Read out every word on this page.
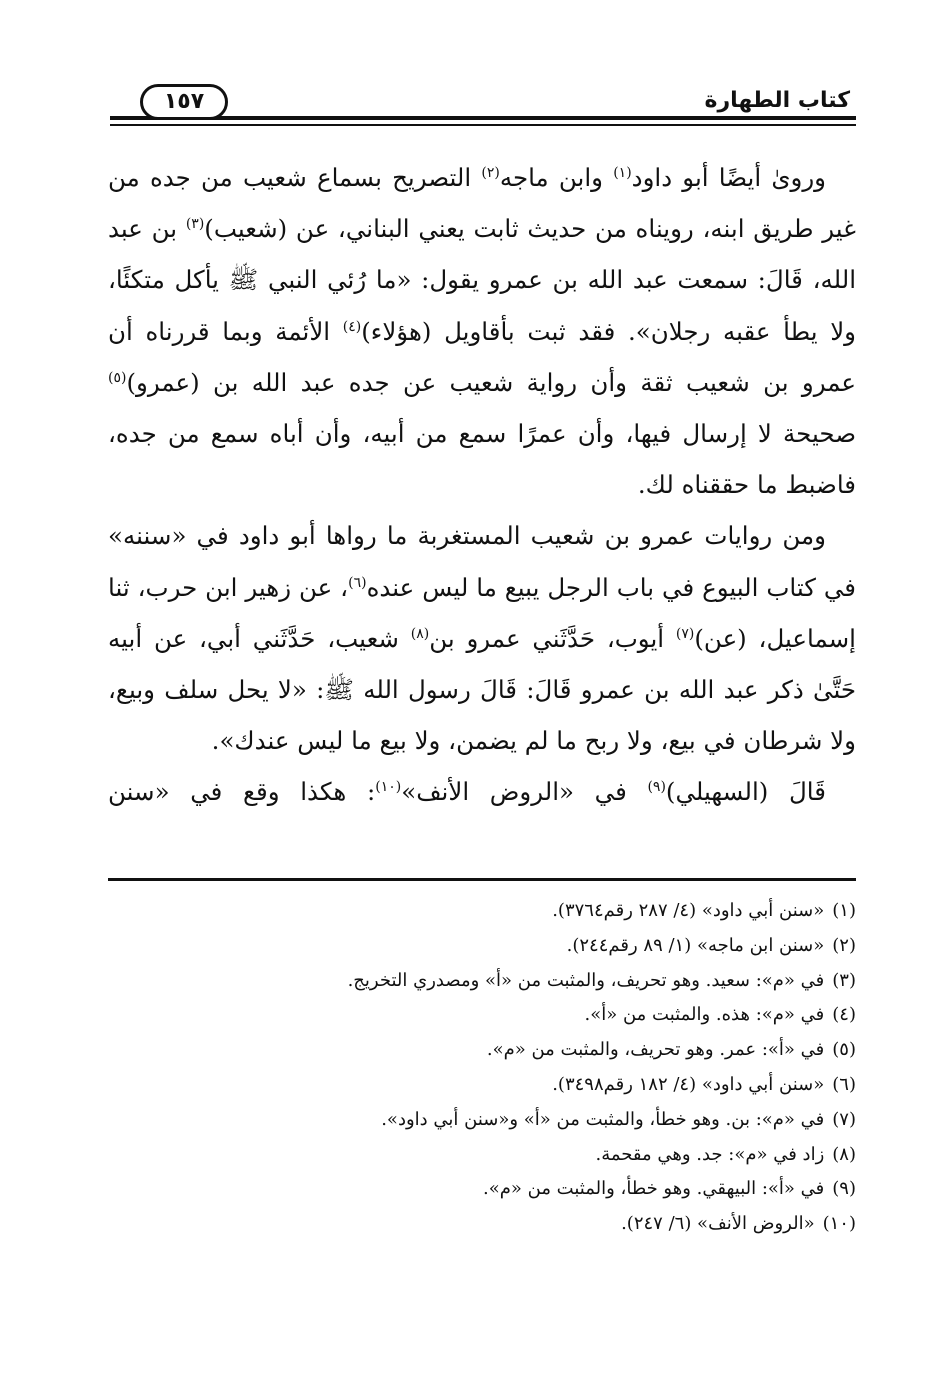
كتاب الطهارة
١٥٧

وروىٰ أيضًا أبو داود$^{(١)}$ وابن ماجه$^{(٢)}$ التصريح بسماع شعيب من جده من غير طريق ابنه، رويناه من حديث ثابت يعني البناني، عن (شعيب)$^{(٣)}$ بن عبد الله، قَالَ: سمعت عبد الله بن عمرو يقول: «ما رُئي النبي ﷺ يأكل متكئًا، ولا يطأ عقبه رجلان». فقد ثبت بأقاويل (هؤلاء)$^{(٤)}$ الأئمة وبما قررناه أن عمرو بن شعيب ثقة وأن رواية شعيب عن جده عبد الله بن (عمرو)$^{(٥)}$ صحيحة لا إرسال فيها، وأن عمرًا سمع من أبيه، وأن أباه سمع من جده، فاضبط ما حققناه لك.

ومن روايات عمرو بن شعيب المستغربة ما رواها أبو داود في «سننه» في كتاب البيوع في باب الرجل يبيع ما ليس عنده$^{(٦)}$، عن زهير ابن حرب، ثنا إسماعيل، (عن)$^{(٧)}$ أيوب، حَدَّثَني عمرو بن$^{(٨)}$ شعيب، حَدَّثَني أبي، عن أبيه حَتَّىٰ ذكر عبد الله بن عمرو قَالَ: قَالَ رسول الله ﷺ: «لا يحل سلف وبيع، ولا شرطان في بيع، ولا ربح ما لم يضمن، ولا بيع ما ليس عندك».

قَالَ (السهيلي)$^{(٩)}$ في «الروض الأنف»$^{(١٠)}$: هكذا وقع في «سنن

(١)«سنن أبي داود» (٤/ ٢٨٧ رقم٣٧٦٤).
(٢)«سنن ابن ماجه» (١/ ٨٩ رقم٢٤٤).
(٣)في «م»: سعيد. وهو تحريف، والمثبت من «أ» ومصدري التخريج.
(٤)في «م»: هذه. والمثبت من «أ».
(٥)في «أ»: عمر. وهو تحريف، والمثبت من «م».
(٦)«سنن أبي داود» (٤/ ١٨٢ رقم٣٤٩٨).
(٧)في «م»: بن. وهو خطأ، والمثبت من «أ» و«سنن أبي داود».
(٨)زاد في «م»: جد. وهي مقحمة.
(٩)في «أ»: البيهقي. وهو خطأ، والمثبت من «م».
(١٠)«الروض الأنف» (٦/ ٢٤٧).
